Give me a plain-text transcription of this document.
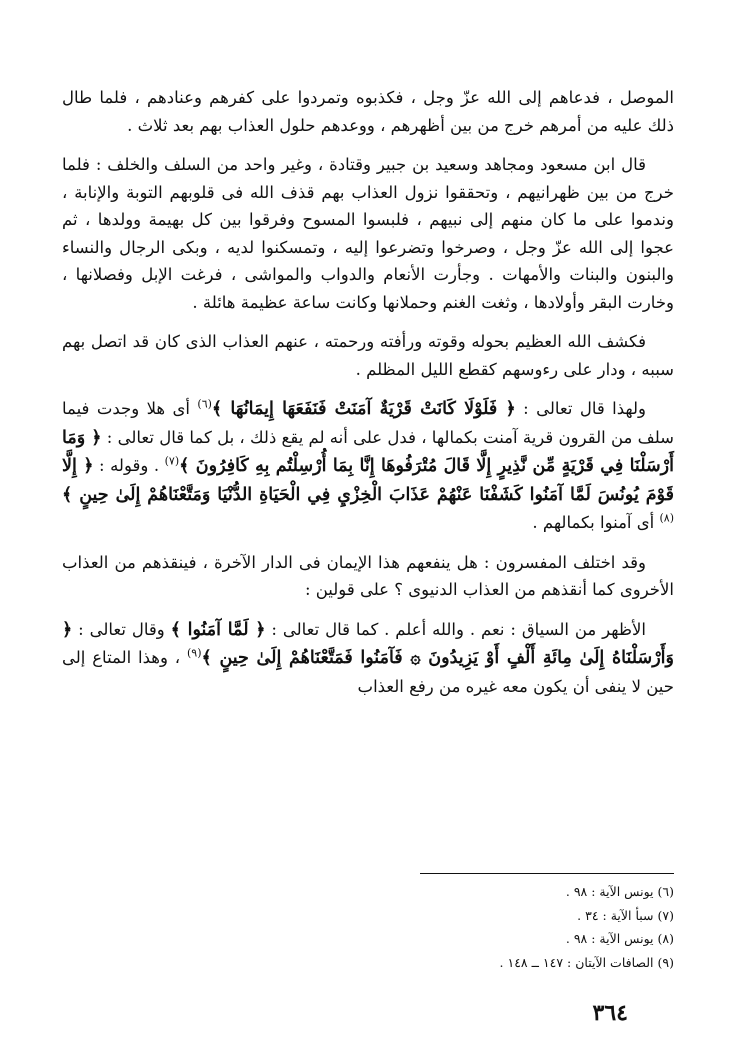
الموصل ، فدعاهم إلى الله عزّ وجل ، فكذبوه وتمردوا على كفرهم وعنادهم ، فلما طال ذلك عليه من أمرهم خرج من بين أظهرهم ، ووعدهم حلول العذاب بهم بعد ثلاث .

قال ابن مسعود ومجاهد وسعيد بن جبير وقتادة ، وغير واحد من السلف والخلف : فلما خرج من بين ظهرانيهم ، وتحققوا نزول العذاب بهم قذف الله فى قلوبهم التوبة والإنابة ، وندموا على ما كان منهم إلى نبيهم ، فلبسوا المسوح وفرقوا بين كل بهيمة وولدها ، ثم عجوا إلى الله عزّ وجل ، وصرخوا وتضرعوا إليه ، وتمسكنوا لديه ، وبكى الرجال والنساء والبنون والبنات والأمهات . وجأرت الأنعام والدواب والمواشى ، فرغت الإبل وفصلانها ، وخارت البقر وأولادها ، وثغت الغنم وحملانها وكانت ساعة عظيمة هائلة .

فكشف الله العظيم بحوله وقوته ورأفته ورحمته ، عنهم العذاب الذى كان قد اتصل بهم سببه ، ودار على رءوسهم كقطع الليل المظلم .

ولهذا قال تعالى : ﴿ فَلَوْلَا كَانَتْ قَرْيَةٌ آمَنَتْ فَنَفَعَهَا إِيمَانُهَا ﴾$^{(٦)}$ أى هلا وجدت فيما سلف من القرون قرية آمنت بكمالها ، فدل على أنه لم يقع ذلك ، بل كما قال تعالى : ﴿ وَمَا أَرْسَلْنَا فِي قَرْيَةٍ مِّن نَّذِيرٍ إِلَّا قَالَ مُتْرَفُوهَا إِنَّا بِمَا أُرْسِلْتُم بِهِ كَافِرُونَ ﴾$^{(٧)}$ . وقوله : ﴿ إِلَّا قَوْمَ يُونُسَ لَمَّا آمَنُوا كَشَفْنَا عَنْهُمْ عَذَابَ الْخِزْيِ فِي الْحَيَاةِ الدُّنْيَا وَمَتَّعْنَاهُمْ إِلَىٰ حِينٍ ﴾$^{(٨)}$ أى آمنوا بكمالهم .

وقد اختلف المفسرون : هل ينفعهم هذا الإيمان فى الدار الآخرة ، فينقذهم من العذاب الأخروى كما أنقذهم من العذاب الدنيوى ؟ على قولين :

الأظهر من السياق : نعم . والله أعلم . كما قال تعالى : ﴿ لَمَّا آمَنُوا ﴾ وقال تعالى : ﴿ وَأَرْسَلْنَاهُ إِلَىٰ مِائَةِ أَلْفٍ أَوْ يَزِيدُونَ ۞ فَآمَنُوا فَمَتَّعْنَاهُمْ إِلَىٰ حِينٍ ﴾$^{(٩)}$ ، وهذا المتاع إلى حين لا ينفى أن يكون معه غيره من رفع العذاب

(٦) يونس الآية : ٩٨ .
(٧) سبأ الآية : ٣٤ .
(٨) يونس الآية : ٩٨ .
(٩) الصافات الآيتان : ١٤٧ ــ ١٤٨ .
٣٦٤
